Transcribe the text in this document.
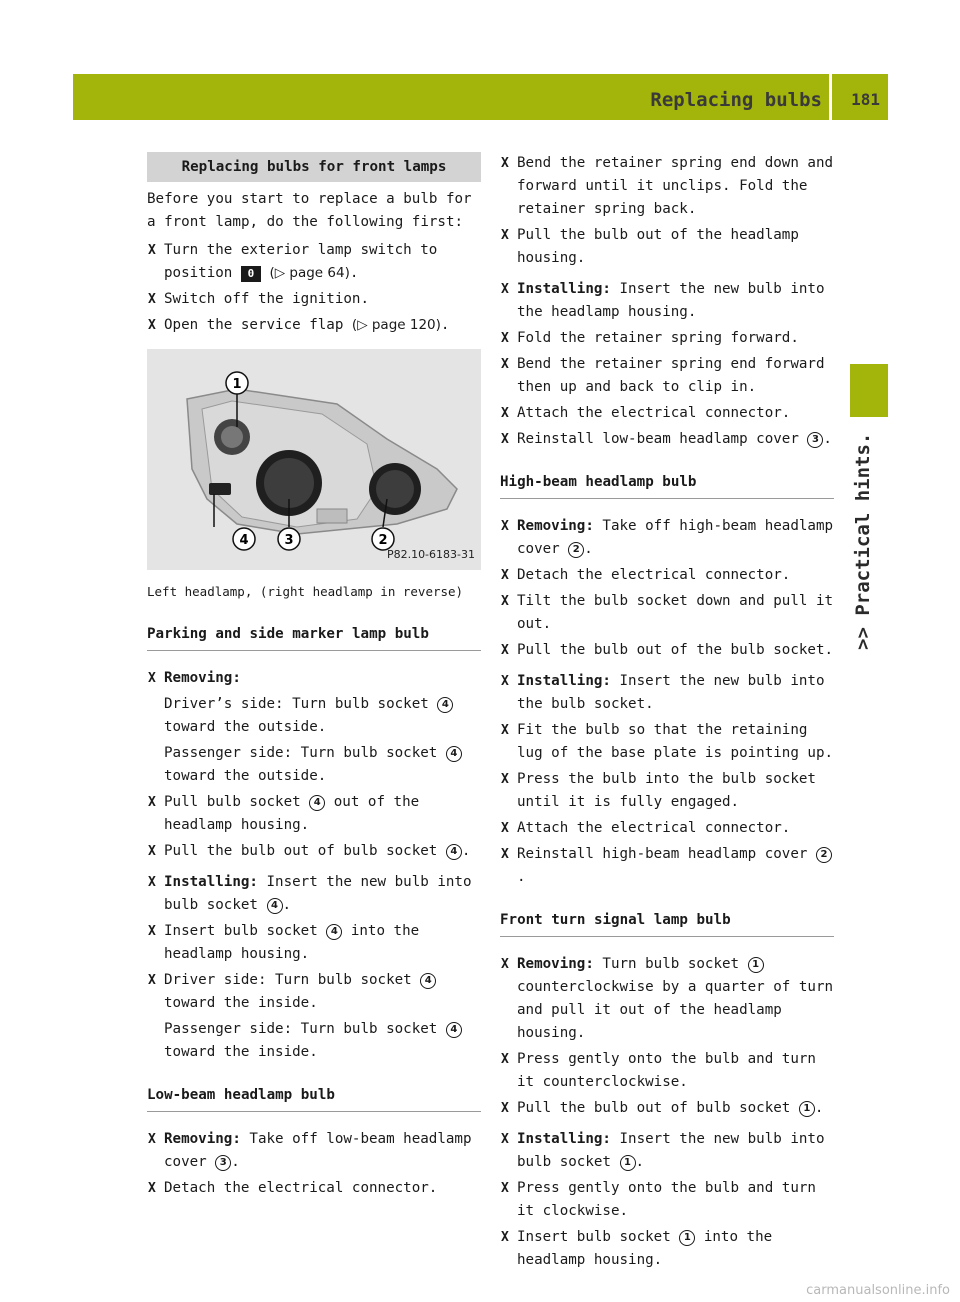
Replacing bulbs 181
>> Practical hints.
Replacing bulbs for front lamps

Before you start to replace a bulb for a front lamp, do the following first:

X Turn the exterior lamp switch to position 0 (▷ page 64).
X Switch off the ignition.
X Open the service flap (▷ page 120).
1
2
3
4
P82.10-6183-31
Left headlamp, (right headlamp in reverse)
Parking and side marker lamp bulb
X Removing:
Driver’s side: Turn bulb socket 4 toward the outside.
Passenger side: Turn bulb socket 4 toward the outside.
X Pull bulb socket 4 out of the headlamp housing.
X Pull the bulb out of bulb socket 4 .
X Installing: Insert the new bulb into bulb socket 4 .
X Insert bulb socket 4 into the headlamp housing.
X Driver side: Turn bulb socket 4 toward the inside.
Passenger side: Turn bulb socket 4 toward the inside.
Low-beam headlamp bulb
X Removing: Take off low-beam headlamp cover 3 .
X Detach the electrical connector.
X Bend the retainer spring end down and forward until it unclips. Fold the retainer spring back.
X Pull the bulb out of the headlamp housing.
X Installing: Insert the new bulb into the headlamp housing.
X Fold the retainer spring forward.
X Bend the retainer spring end forward then up and back to clip in.
X Attach the electrical connector.
X Reinstall low-beam headlamp cover 3 .
High-beam headlamp bulb
X Removing: Take off high-beam headlamp cover 2 .
X Detach the electrical connector.
X Tilt the bulb socket down and pull it out.
X Pull the bulb out of the bulb socket.
X Installing: Insert the new bulb into the bulb socket.
X Fit the bulb so that the retaining lug of the base plate is pointing up.
X Press the bulb into the bulb socket until it is fully engaged.
X Attach the electrical connector.
X Reinstall high-beam headlamp cover 2.
Front turn signal lamp bulb
X Removing: Turn bulb socket 1 counterclockwise by a quarter of turn and pull it out of the headlamp housing.
X Press gently onto the bulb and turn it counterclockwise.
X Pull the bulb out of bulb socket 1 .
X Installing: Insert the new bulb into bulb socket 1 .
X Press gently onto the bulb and turn it clockwise.
X Insert bulb socket 1 into the headlamp housing.
carmanualsonline.info
